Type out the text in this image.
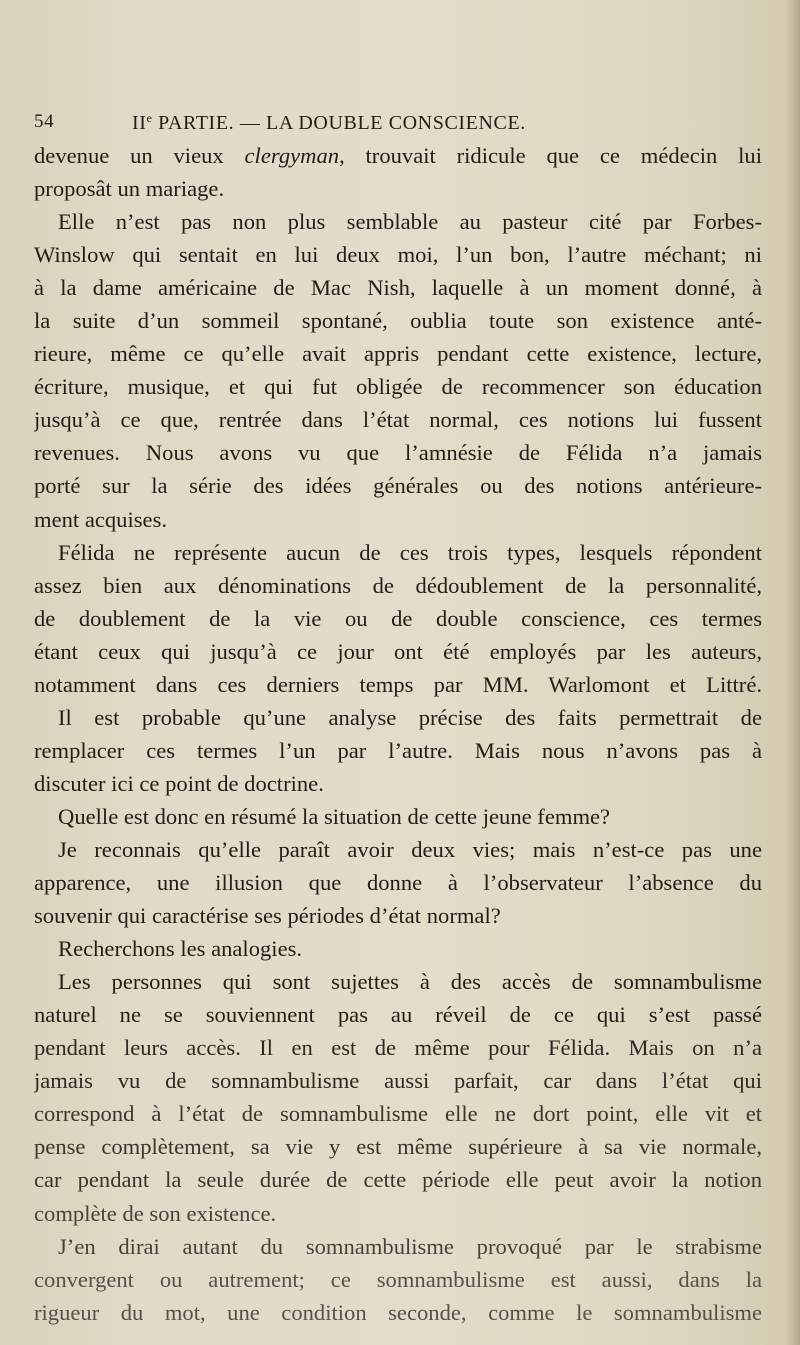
54	IIe PARTIE. — LA DOUBLE CONSCIENCE.
devenue un vieux clergyman, trouvait ridicule que ce médecin lui
proposât un mariage.
Elle n’est pas non plus semblable au pasteur cité par Forbes-
Winslow qui sentait en lui deux moi, l’un bon, l’autre méchant; ni
à la dame américaine de Mac Nish, laquelle à un moment donné, à
la suite d’un sommeil spontané, oublia toute son existence anté-
rieure, même ce qu’elle avait appris pendant cette existence, lecture,
écriture, musique, et qui fut obligée de recommencer son éducation
jusqu’à ce que, rentrée dans l’état normal, ces notions lui fussent
revenues. Nous avons vu que l’amnésie de Félida n’a jamais
porté sur la série des idées générales ou des notions antérieure-
ment acquises.
Félida ne représente aucun de ces trois types, lesquels répondent
assez bien aux dénominations de dédoublement de la personnalité,
de doublement de la vie ou de double conscience, ces termes
étant ceux qui jusqu’à ce jour ont été employés par les auteurs,
notamment dans ces derniers temps par MM. Warlomont et Littré.
Il est probable qu’une analyse précise des faits permettrait de
remplacer ces termes l’un par l’autre. Mais nous n’avons pas à
discuter ici ce point de doctrine.
Quelle est donc en résumé la situation de cette jeune femme?
Je reconnais qu’elle paraît avoir deux vies; mais n’est-ce pas une
apparence, une illusion que donne à l’observateur l’absence du
souvenir qui caractérise ses périodes d’état normal?
Recherchons les analogies.
Les personnes qui sont sujettes à des accès de somnambulisme
naturel ne se souviennent pas au réveil de ce qui s’est passé
pendant leurs accès. Il en est de même pour Félida. Mais on n’a
jamais vu de somnambulisme aussi parfait, car dans l’état qui
correspond à l’état de somnambulisme elle ne dort point, elle vit et
pense complètement, sa vie y est même supérieure à sa vie normale,
car pendant la seule durée de cette période elle peut avoir la notion
complète de son existence.
J’en dirai autant du somnambulisme provoqué par le strabisme
convergent ou autrement; ce somnambulisme est aussi, dans la
rigueur du mot, une condition seconde, comme le somnambulisme
